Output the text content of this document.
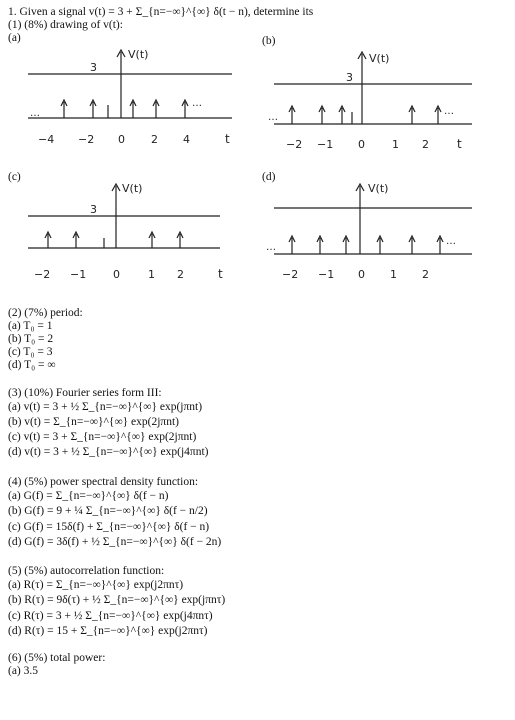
1. Given a signal v(t) = 3 + Σ_{n=−∞}^{∞} δ(t − n), determine its
(1) (8%) drawing of v(t):
(a)	(b)
(c)	(d)
…
…
3
V(t)
−4 −2 0 2 4	t
…
…
3
V(t)
−2 −1 0 1 2 t
3
V(t)
−2 −1 0	1 2	t
…
…
V(t)
−2 −1 0 1 2
(2) (7%) period:
(a) T₀ = 1
(b) T₀ = 2
(c) T₀ = 3
(d) T₀ = ∞
(3) (10%) Fourier series form III:
(a) v(t) = 3 + ½ Σ_{n=−∞}^{∞} exp(jπnt)
(b) v(t) = Σ_{n=−∞}^{∞} exp(2jπnt)
(c) v(t) = 3 + Σ_{n=−∞}^{∞} exp(2jπnt)
(d) v(t) = 3 + ½ Σ_{n=−∞}^{∞} exp(j4πnt)
(4) (5%) power spectral density function:
(a) G(f) = Σ_{n=−∞}^{∞} δ(f − n)
(b) G(f) = 9 + ¼ Σ_{n=−∞}^{∞} δ(f − n/2)
(c) G(f) = 15δ(f) + Σ_{n=−∞}^{∞} δ(f − n)
(d) G(f) = 3δ(f) + ½ Σ_{n=−∞}^{∞} δ(f − 2n)
(5) (5%) autocorrelation function:
(a) R(τ) = Σ_{n=−∞}^{∞} exp(j2πnτ)
(b) R(τ) = 9δ(τ) + ½ Σ_{n=−∞}^{∞} exp(jπnτ)
(c) R(τ) = 3 + ½ Σ_{n=−∞}^{∞} exp(j4πnτ)
(d) R(τ) = 15 + Σ_{n=−∞}^{∞} exp(j2πnτ)
(6) (5%) total power:
(a) 3.5
